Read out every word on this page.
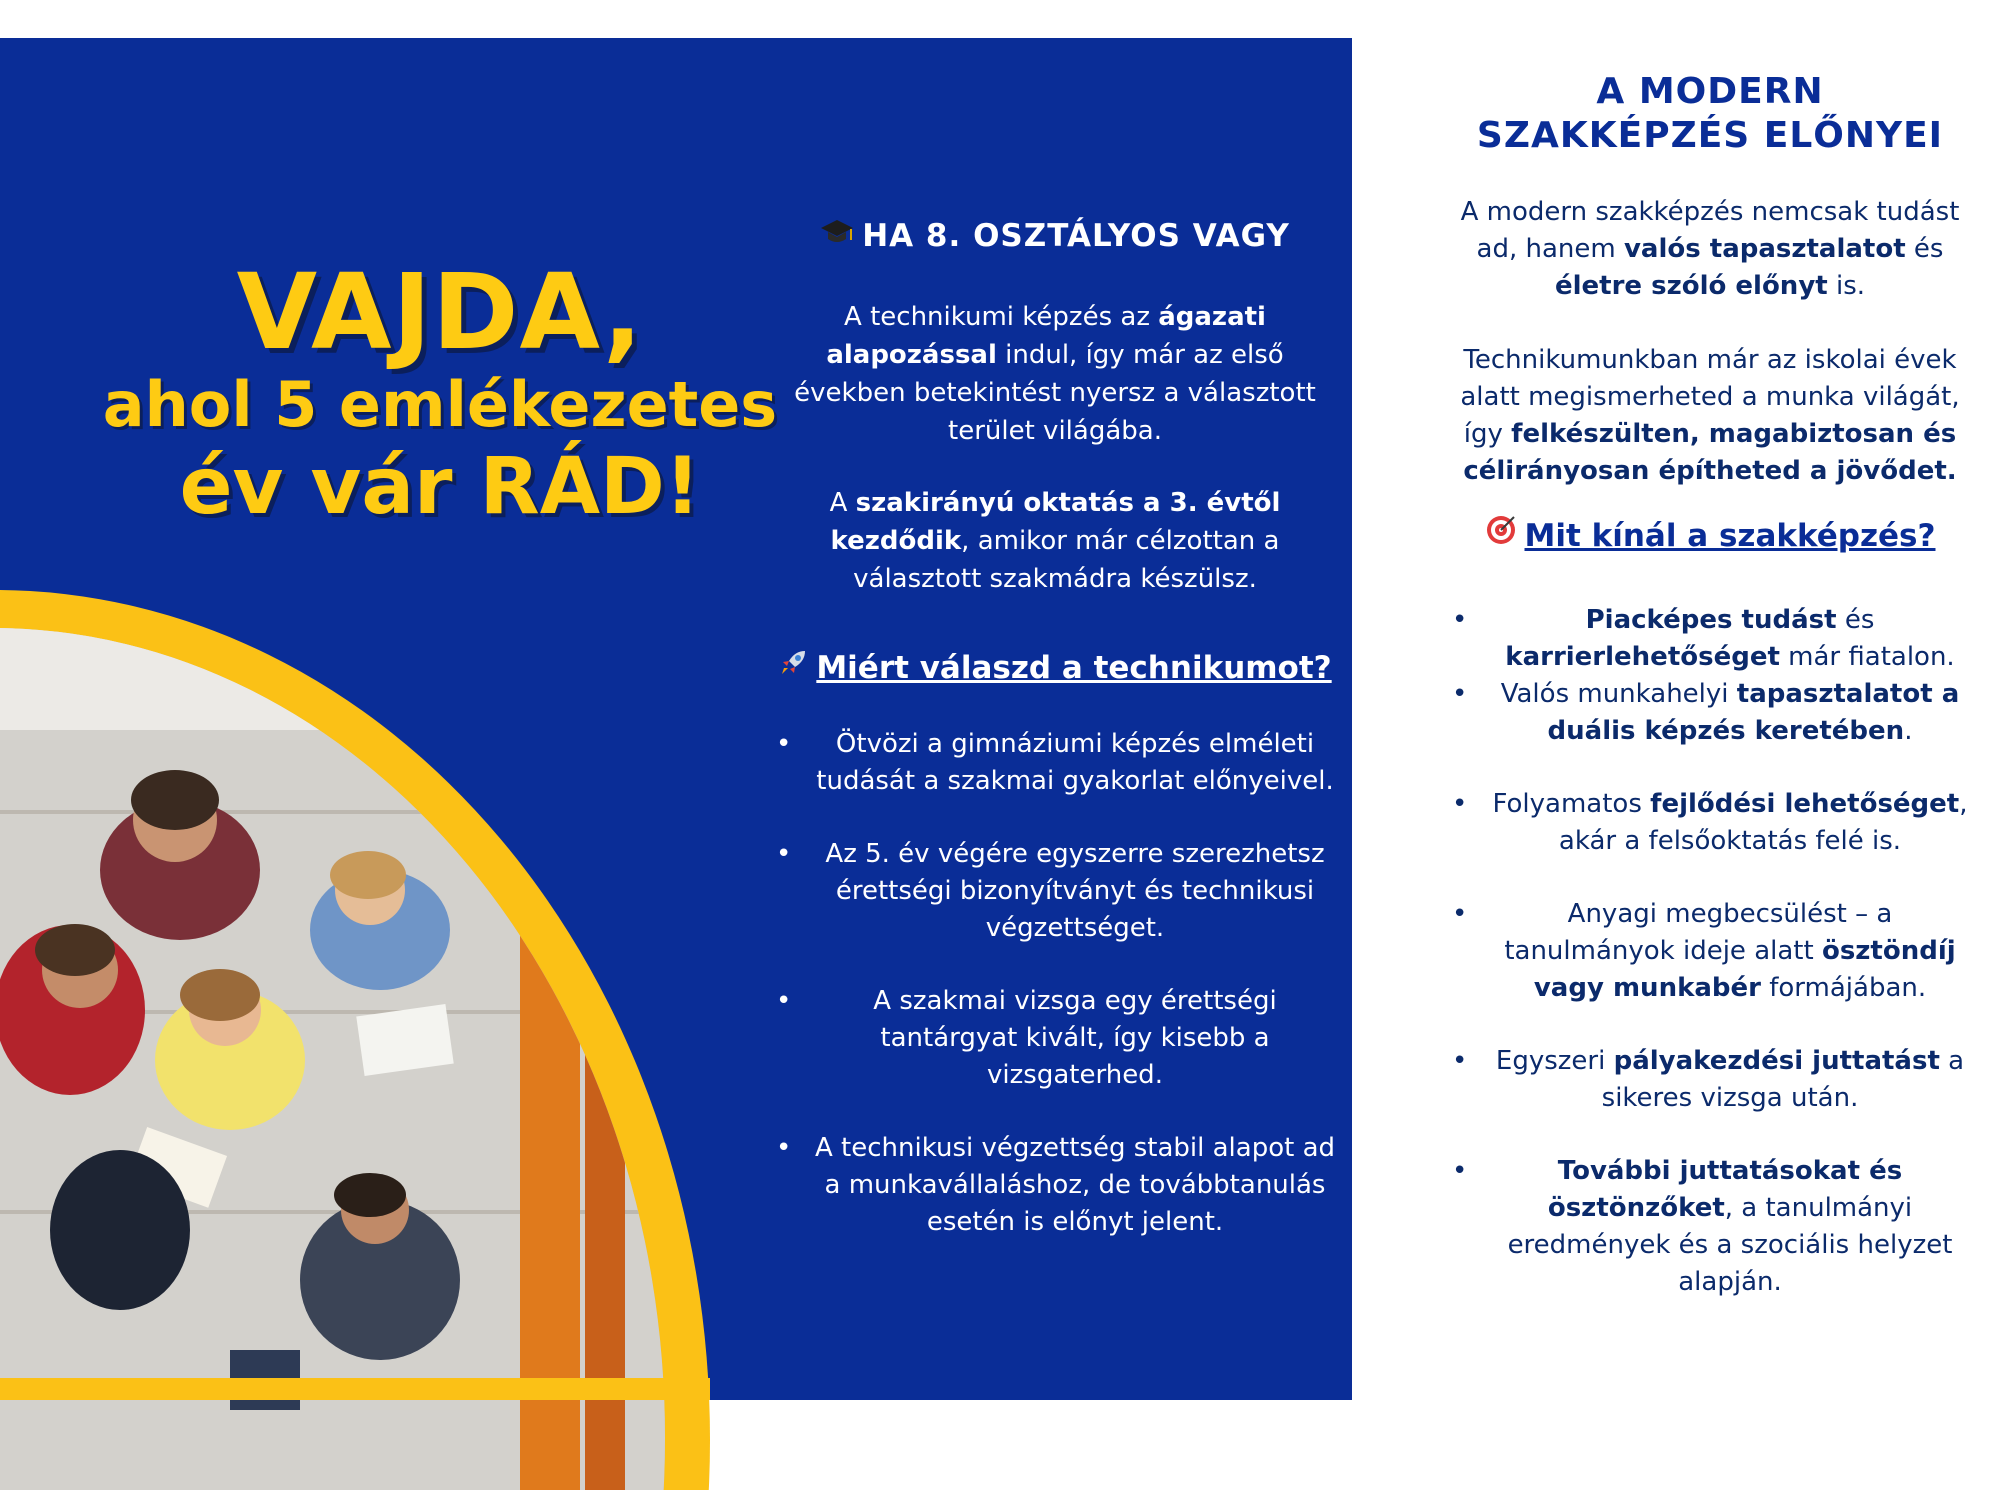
VAJDA,
ahol 5 emlékezetes
év vár RÁD!
HA 8. OSZTÁLYOS VAGY

A technikumi képzés az ágazati alapozással indul, így már az első években betekintést nyersz a választott terület világába.

A szakirányú oktatás a 3. évtől kezdődik, amikor már célzottan a választott szakmádra készülsz.

Miért válaszd a technikumot?
• Ötvözi a gimnáziumi képzés elméleti tudását a szakmai gyakorlat előnyeivel.
• Az 5. év végére egyszerre szerezhetsz érettségi bizonyítványt és technikusi végzettséget.
• A szakmai vizsga egy érettségi tantárgyat kivált, így kisebb a vizsgaterhed.
• A technikusi végzettség stabil alapot ad a munkavállaláshoz, de továbbtanulás esetén is előnyt jelent.
A MODERN
SZAKKÉPZÉS ELŐNYEI

A modern szakképzés nemcsak tudást ad, hanem valós tapasztalatot és életre szóló előnyt is.

Technikumunkban már az iskolai évek alatt megismerheted a munka világát, így felkészülten, magabiztosan és célirányosan építheted a jövődet.

Mit kínál a szakképzés?
• Piacképes tudást és karrierlehetőséget már fiatalon.
• Valós munkahelyi tapasztalatot a duális képzés keretében.
• Folyamatos fejlődési lehetőséget, akár a felsőoktatás felé is.
• Anyagi megbecsülést – a tanulmányok ideje alatt ösztöndíj vagy munkabér formájában.
• Egyszeri pályakezdési juttatást a sikeres vizsga után.
• További juttatásokat és ösztönzőket, a tanulmányi eredmények és a szociális helyzet alapján.
